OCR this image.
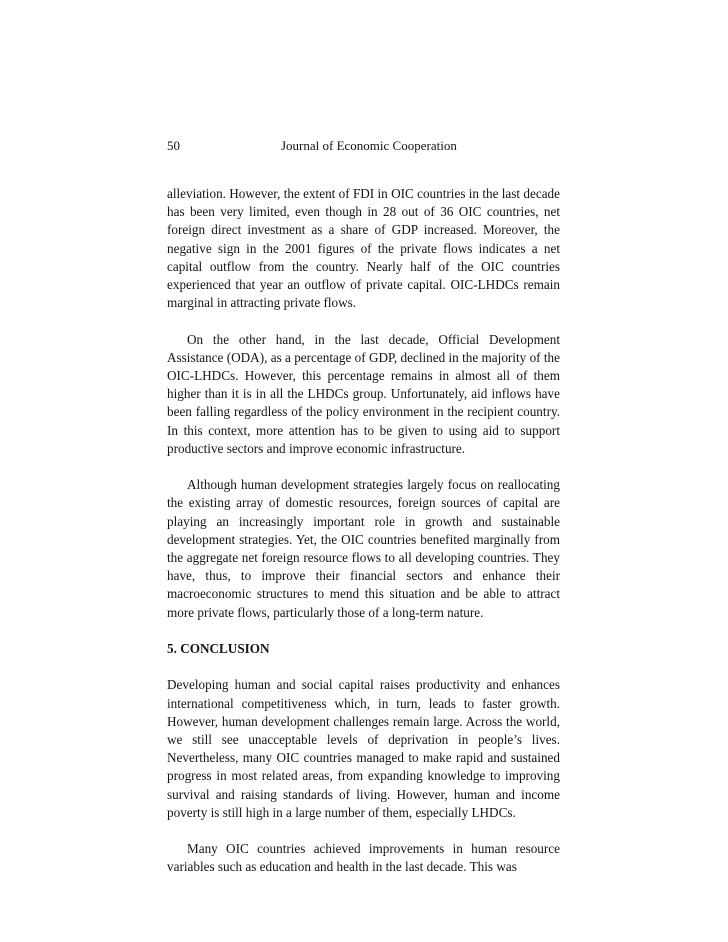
50	Journal of Economic Cooperation

alleviation. However, the extent of FDI in OIC countries in the last decade has been very limited, even though in 28 out of 36 OIC countries, net foreign direct investment as a share of GDP increased. Moreover, the negative sign in the 2001 figures of the private flows indicates a net capital outflow from the country. Nearly half of the OIC countries experienced that year an outflow of private capital. OIC-LHDCs remain marginal in attracting private flows.

On the other hand, in the last decade, Official Development Assistance (ODA), as a percentage of GDP, declined in the majority of the OIC-LHDCs. However, this percentage remains in almost all of them higher than it is in all the LHDCs group. Unfortunately, aid inflows have been falling regardless of the policy environment in the recipient country. In this context, more attention has to be given to using aid to support productive sectors and improve economic infrastructure.

Although human development strategies largely focus on reallocating the existing array of domestic resources, foreign sources of capital are playing an increasingly important role in growth and sustainable development strategies. Yet, the OIC countries benefited marginally from the aggregate net foreign resource flows to all developing countries. They have, thus, to improve their financial sectors and enhance their macroeconomic structures to mend this situation and be able to attract more private flows, particularly those of a long-term nature.

5. CONCLUSION

Developing human and social capital raises productivity and enhances international competitiveness which, in turn, leads to faster growth. However, human development challenges remain large. Across the world, we still see unacceptable levels of deprivation in people’s lives. Nevertheless, many OIC countries managed to make rapid and sustained progress in most related areas, from expanding knowledge to improving survival and raising standards of living. However, human and income poverty is still high in a large number of them, especially LHDCs.

Many OIC countries achieved improvements in human resource variables such as education and health in the last decade. This was
